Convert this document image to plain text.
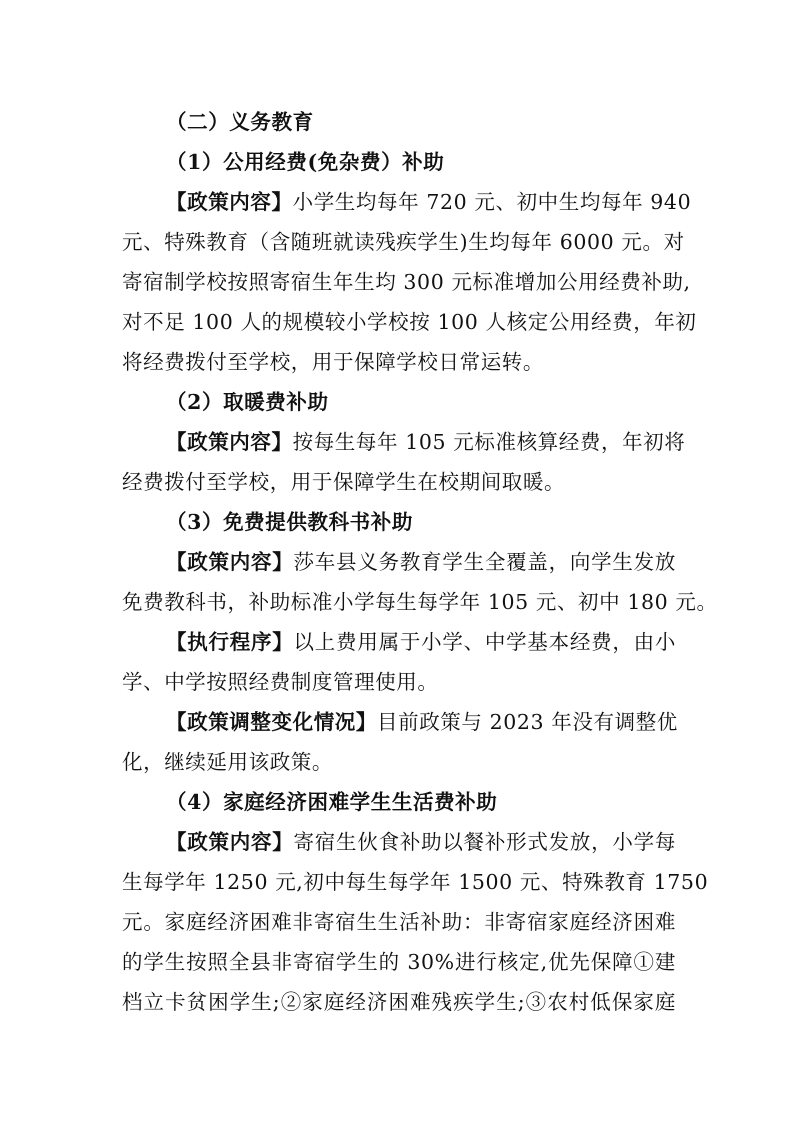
（二）义务教育
（1）公用经费(免杂费）补助
【政策内容】小学生均每年 720 元、初中生均每年 940
元、特殊教育（含随班就读残疾学生)生均每年 6000 元。对
寄宿制学校按照寄宿生年生均 300 元标准增加公用经费补助,
对不足 100 人的规模较小学校按 100 人核定公用经费，年初
将经费拨付至学校，用于保障学校日常运转。
（2）取暖费补助
【政策内容】按每生每年 105 元标准核算经费，年初将
经费拨付至学校，用于保障学生在校期间取暖。
（3）免费提供教科书补助
【政策内容】莎车县义务教育学生全覆盖，向学生发放
免费教科书，补助标准小学每生每学年 105 元、初中 180 元。
【执行程序】以上费用属于小学、中学基本经费，由小
学、中学按照经费制度管理使用。
【政策调整变化情况】目前政策与 2023 年没有调整优
化，继续延用该政策。
（4）家庭经济困难学生生活费补助
【政策内容】寄宿生伙食补助以餐补形式发放，小学每
生每学年 1250 元,初中每生每学年 1500 元、特殊教育 1750
元。家庭经济困难非寄宿生生活补助：非寄宿家庭经济困难
的学生按照全县非寄宿学生的 30%进行核定,优先保障①建
档立卡贫困学生;②家庭经济困难残疾学生;③农村低保家庭
